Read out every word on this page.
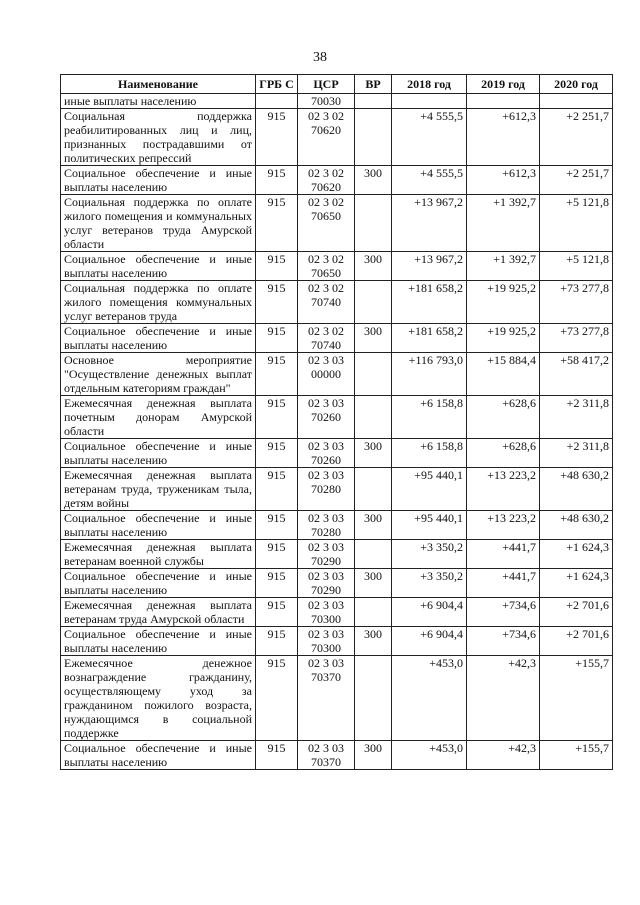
38
Наименование	ГРБ С	ЦСР	ВР	2018 год	2019 год	2020 год
иные выплаты населению		70030				
Социальная поддержка реабилитированных лиц и лиц, признанных пострадавшими от политических репрессий	915	02 3 02 70620		+4 555,5	+612,3	+2 251,7
Социальное обеспечение и иные выплаты населению	915	02 3 02 70620	300	+4 555,5	+612,3	+2 251,7
Социальная поддержка по оплате жилого помещения и коммунальных услуг ветеранов труда Амурской области	915	02 3 02 70650		+13 967,2	+1 392,7	+5 121,8
Социальное обеспечение и иные выплаты населению	915	02 3 02 70650	300	+13 967,2	+1 392,7	+5 121,8
Социальная поддержка по оплате жилого помещения коммунальных услуг ветеранов труда	915	02 3 02 70740		+181 658,2	+19 925,2	+73 277,8
Социальное обеспечение и иные выплаты населению	915	02 3 02 70740	300	+181 658,2	+19 925,2	+73 277,8
Основное мероприятие "Осуществление денежных выплат отдельным категориям граждан"	915	02 3 03 00000		+116 793,0	+15 884,4	+58 417,2
Ежемесячная денежная выплата почетным донорам Амурской области	915	02 3 03 70260		+6 158,8	+628,6	+2 311,8
Социальное обеспечение и иные выплаты населению	915	02 3 03 70260	300	+6 158,8	+628,6	+2 311,8
Ежемесячная денежная выплата ветеранам труда, труженикам тыла, детям войны	915	02 3 03 70280		+95 440,1	+13 223,2	+48 630,2
Социальное обеспечение и иные выплаты населению	915	02 3 03 70280	300	+95 440,1	+13 223,2	+48 630,2
Ежемесячная денежная выплата ветеранам военной службы	915	02 3 03 70290		+3 350,2	+441,7	+1 624,3
Социальное обеспечение и иные выплаты населению	915	02 3 03 70290	300	+3 350,2	+441,7	+1 624,3
Ежемесячная денежная выплата ветеранам труда Амурской области	915	02 3 03 70300		+6 904,4	+734,6	+2 701,6
Социальное обеспечение и иные выплаты населению	915	02 3 03 70300	300	+6 904,4	+734,6	+2 701,6
Ежемесячное денежное вознаграждение гражданину, осуществляющему уход за гражданином пожилого возраста, нуждающимся в социальной поддержке	915	02 3 03 70370		+453,0	+42,3	+155,7
Социальное обеспечение и иные выплаты населению	915	02 3 03 70370	300	+453,0	+42,3	+155,7
